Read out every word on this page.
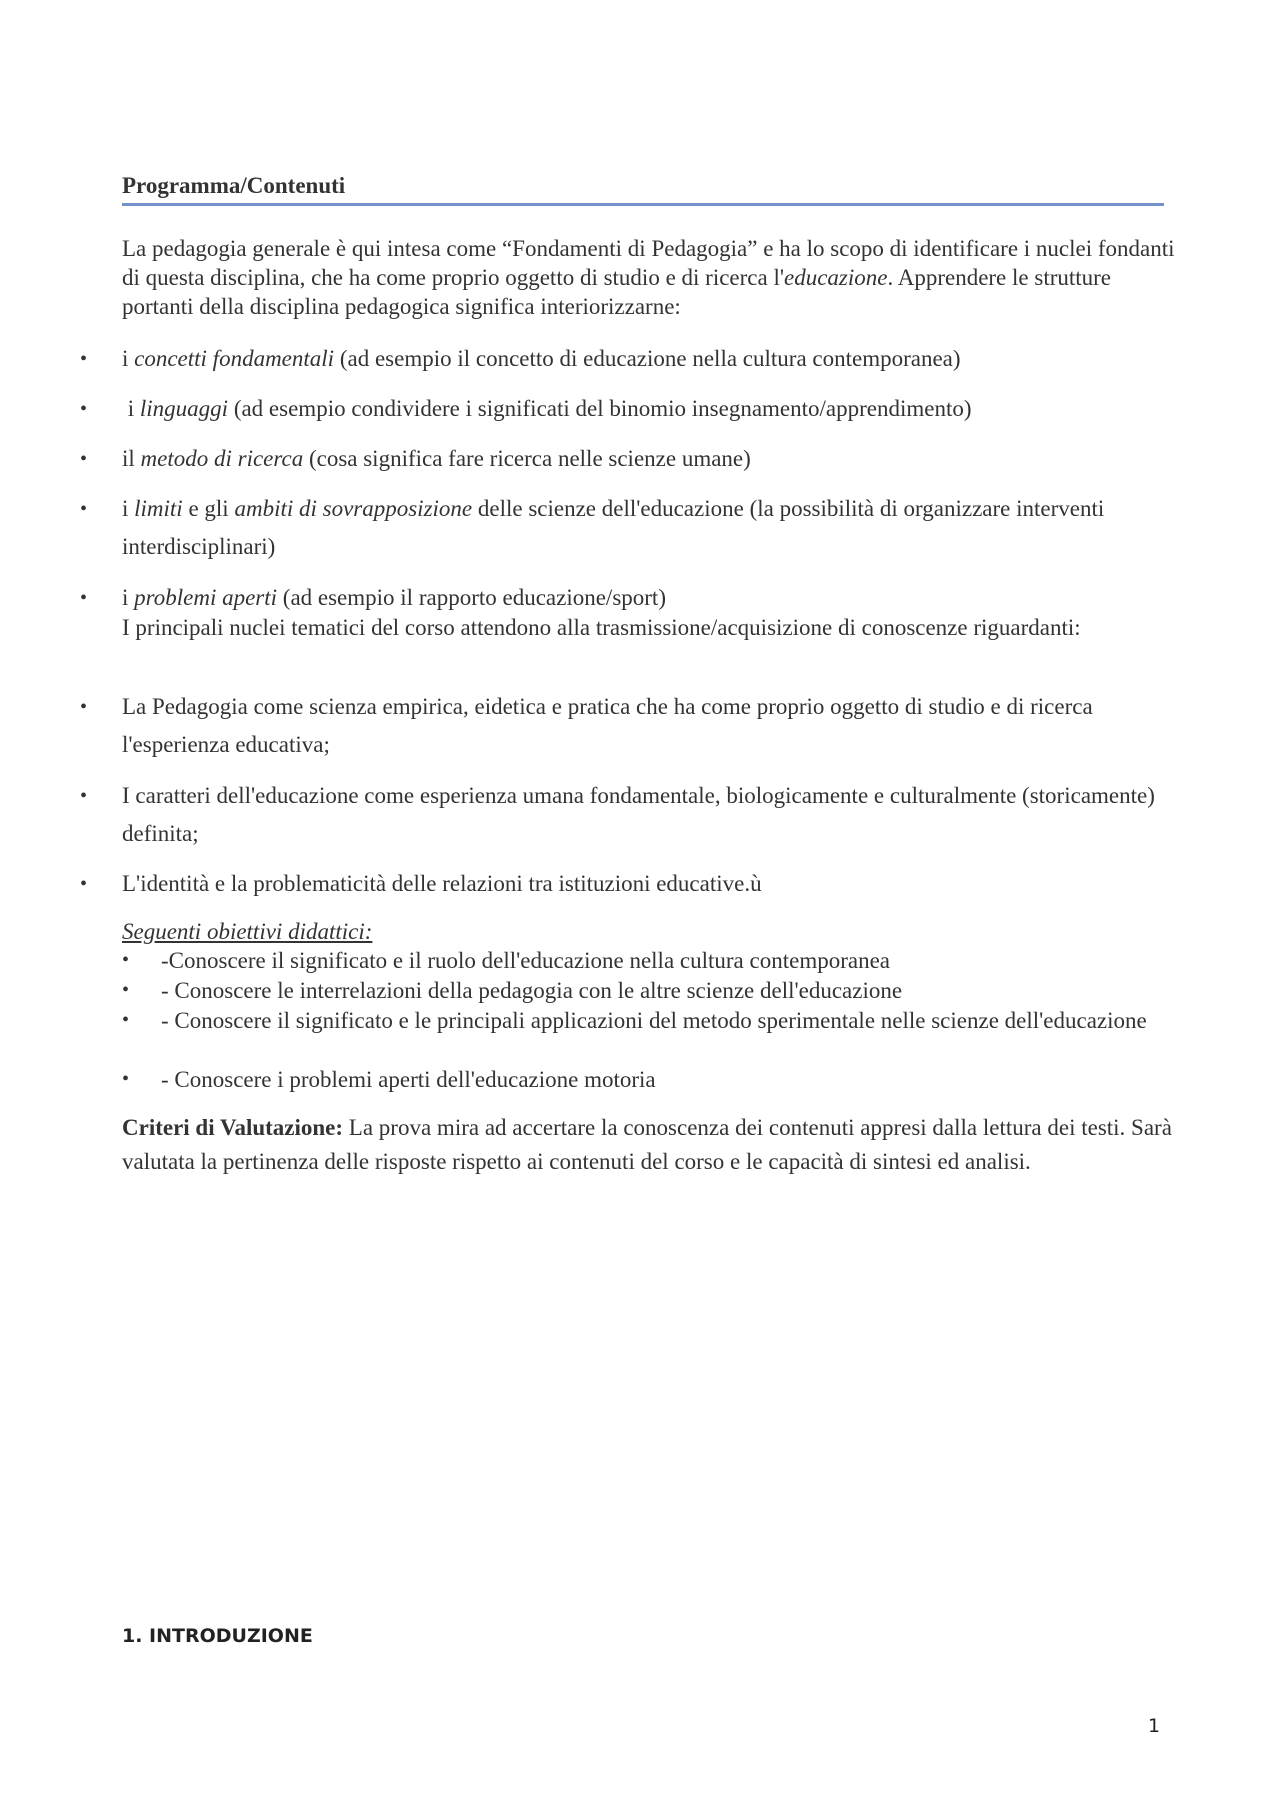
Programma/Contenuti

La pedagogia generale è qui intesa come “Fondamenti di Pedagogia” e ha lo scopo di identificare i nuclei fondanti di questa disciplina, che ha come proprio oggetto di studio e di ricerca l'educazione. Apprendere le strutture portanti della disciplina pedagogica significa interiorizzarne:

• i concetti fondamentali (ad esempio il concetto di educazione nella cultura contemporanea)
• i linguaggi (ad esempio condividere i significati del binomio insegnamento/apprendimento)
• il metodo di ricerca (cosa significa fare ricerca nelle scienze umane)
• i limiti e gli ambiti di sovrapposizione delle scienze dell'educazione (la possibilità di organizzare interventi interdisciplinari)
• i problemi aperti (ad esempio il rapporto educazione/sport)
I principali nuclei tematici del corso attendono alla trasmissione/acquisizione di conoscenze riguardanti:
• La Pedagogia come scienza empirica, eidetica e pratica che ha come proprio oggetto di studio e di ricerca l'esperienza educativa;
• I caratteri dell'educazione come esperienza umana fondamentale, biologicamente e culturalmente (storicamente) definita;
• L'identità e la problematicità delle relazioni tra istituzioni educative.ù
Seguenti obiettivi didattici:
• -Conoscere il significato e il ruolo dell'educazione nella cultura contemporanea
• - Conoscere le interrelazioni della pedagogia con le altre scienze dell'educazione
• - Conoscere il significato e le principali applicazioni del metodo sperimentale nelle scienze dell'educazione
• - Conoscere i problemi aperti dell'educazione motoria

Criteri di Valutazione: La prova mira ad accertare la conoscenza dei contenuti appresi dalla lettura dei testi. Sarà valutata la pertinenza delle risposte rispetto ai contenuti del corso e le capacità di sintesi ed analisi.

1. INTRODUZIONE
1
